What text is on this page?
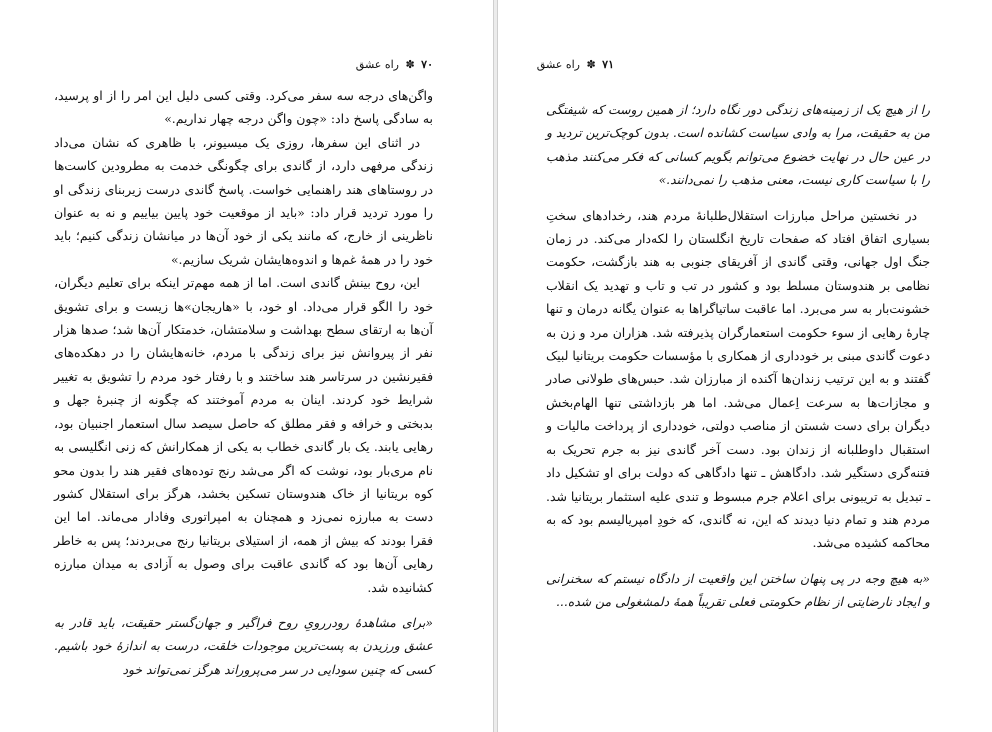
۷۰ ✽ راه عشق

واگن‌های درجه سه سفر می‌کرد. وقتی کسی دلیل این امر را از او پرسید، به سادگی پاسخ داد: «چون واگن درجه چهار نداریم.»

در اثنای این سفرها، روزی یک میسیونر، با ظاهری که نشان می‌داد زندگی مرفهی دارد، از گاندی برای چگونگی خدمت به مطرودین کاست‌ها در روستاهای هند راهنمایی خواست. پاسخ گاندی درست زیربنای زندگی او را مورد تردید قرار داد: «باید از موقعیت خود پایین بیاییم و نه به عنوان ناظرینی از خارج، که مانند یکی از خود آن‌ها در میانشان زندگی کنیم؛ باید خود را در همهٔ غم‌ها و اندوه‌هایشان شریک سازیم.»

این، روح بینش گاندی است. اما از همه مهم‌تر اینکه برای تعلیم دیگران، خود را الگو قرار می‌داد. او خود، با «هاریجان»ها زیست و برای تشویق آن‌ها به ارتقای سطح بهداشت و سلامتشان، خدمتکار آن‌ها شد؛ صدها هزار نفر از پیروانش نیز برای زندگی با مردم، خانه‌هایشان را در دهکده‌های فقیرنشین در سرتاسر هند ساختند و با رفتار خود مردم را تشویق به تغییر شرایط خود کردند. اینان به مردم آموختند که چگونه از چنبرهٔ جهل و بدبختی و خرافه و فقر مطلق که حاصل سیصد سال استعمار اجنبیان بود، رهایی یابند. یک بار گاندی خطاب به یکی از همکارانش که زنی انگلیسی به نام مری‌بار بود، نوشت که اگر می‌شد رنج توده‌های فقیر هند را بدون محو کوه بریتانیا از خاک هندوستان تسکین بخشد، هرگز برای استقلال کشور دست به مبارزه نمی‌زد و همچنان به امپراتوری وفادار می‌ماند. اما این فقرا بودند که بیش از همه، از استیلای بریتانیا رنج می‌بردند؛ پس به خاطر رهایی آن‌ها بود که گاندی عاقبت برای وصول به آزادی به میدان مبارزه کشانیده شد.

«برای مشاهدهٔ رودررویِ روح فراگیر و جهان‌گستر حقیقت، باید قادر به عشق ورزیدن به پست‌ترین موجودات خلقت، درست به اندازهٔ خود باشیم. کسی که چنین سودایی در سر می‌پروراند هرگز نمی‌تواند خود

۷۱ ✽ راه عشق

را از هیچ یک از زمینه‌های زندگی دور نگاه دارد؛ از همین روست که شیفتگی من به حقیقت، مرا به وادی سیاست کشانده است. بدون کوچک‌ترین تردید و در عین حال در نهایت خضوع می‌توانم بگویم کسانی که فکر می‌کنند مذهب را با سیاست کاری نیست، معنی مذهب را نمی‌دانند.»

در نخستین مراحل مبارزات استقلال‌طلبانهٔ مردم هند، رخدادهای سختِ بسیاری اتفاق افتاد که صفحات تاریخ انگلستان را لکه‌دار می‌کند. در زمان جنگ اول جهانی، وقتی گاندی از آفریقای جنوبی به هند بازگشت، حکومت نظامی بر هندوستان مسلط بود و کشور در تب و تاب و تهدید یک انقلاب خشونت‌بار به سر می‌برد. اما عاقبت ساتیاگراها به عنوان یگانه درمان و تنها چارهٔ رهایی از سوء حکومت استعمارگران پذیرفته شد. هزاران مرد و زن به دعوت گاندی مبنی بر خودداری از همکاری با مؤسسات حکومت بریتانیا لبیک گفتند و به این ترتیب زندان‌ها آکنده از مبارزان شد. حبس‌های طولانی صادر و مجازات‌ها به سرعت اِعمال می‌شد. اما هر بازداشتی تنها الهام‌بخش دیگران برای دست شستن از مناصب دولتی، خودداری از پرداخت مالیات و استقبال داوطلبانه از زندان بود. دست آخر گاندی نیز به جرم تحریک به فتنه‌گری دستگیر شد. دادگاهش ـ تنها دادگاهی که دولت برای او تشکیل داد ـ تبدیل به تریبونی برای اعلام جرم مبسوط و تندی علیه استثمار بریتانیا شد. مردم هند و تمام دنیا دیدند که این، نه گاندی، که خودِ امپریالیسم بود که به محاکمه کشیده می‌شد.

«به هیچ وجه در پی پنهان ساختن این واقعیت از دادگاه نیستم که سخنرانی و ایجاد نارضایتی از نظام حکومتی فعلی تقریباً همهٔ دلمشغولی من شده...
